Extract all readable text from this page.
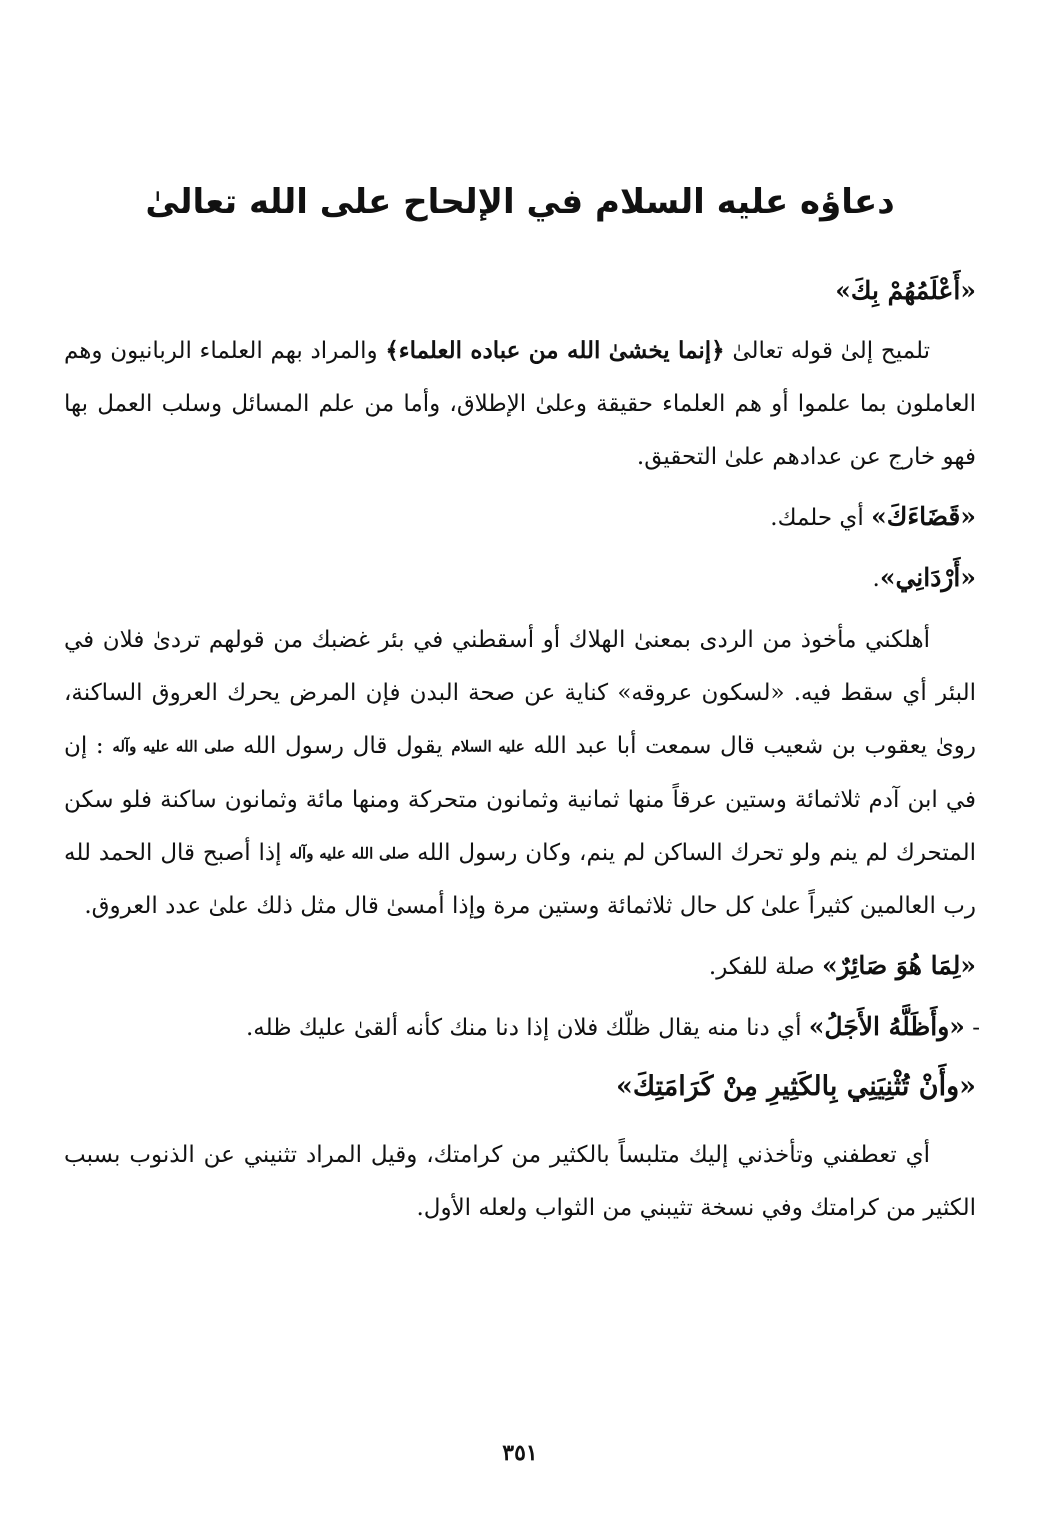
دعاؤه عليه السلام في الإلحاح على الله تعالىٰ
«أَعْلَمُهُمْ بِكَ»

تلميح إلىٰ قوله تعالىٰ ﴿إنما يخشىٰ الله من عباده العلماء﴾ والمراد بهم العلماء الربانيون وهم العاملون بما علموا أو هم العلماء حقيقة وعلىٰ الإطلاق، وأما من علم المسائل وسلب العمل بها فهو خارج عن عدادهم علىٰ التحقيق.

«قَضَاءَكَ» أي حلمك.
«أَرْدَانِي».

أهلكني مأخوذ من الردى بمعنىٰ الهلاك أو أسقطني في بئر غضبك من قولهم تردىٰ فلان في البئر أي سقط فيه. «لسكون عروقه» كناية عن صحة البدن فإن المرض يحرك العروق الساكنة، روىٰ يعقوب بن شعيب قال سمعت أبا عبد الله عليه السلام يقول قال رسول الله صلى الله عليه وآله : إن في ابن آدم ثلاثمائة وستين عرقاً منها ثمانية وثمانون متحركة ومنها مائة وثمانون ساكنة فلو سكن المتحرك لم ينم ولو تحرك الساكن لم ينم، وكان رسول الله صلى الله عليه وآله إذا أصبح قال الحمد لله رب العالمين كثيراً علىٰ كل حال ثلاثمائة وستين مرة وإذا أمسىٰ قال مثل ذلك علىٰ عدد العروق.

«لِمَا هُوَ صَائِرٌ» صلة للفكر.
- «وأَظَلَّهُ الأَجَلُ» أي دنا منه يقال ظلّك فلان إذا دنا منك كأنه ألقىٰ عليك ظله.
«وأَنْ تُثْنِيَنِي بِالكَثِيرِ مِنْ كَرَامَتِكَ»

أي تعطفني وتأخذني إليك متلبساً بالكثير من كرامتك، وقيل المراد تثنيني عن الذنوب بسبب الكثير من كرامتك وفي نسخة تثيبني من الثواب ولعله الأول.

٣٥١
